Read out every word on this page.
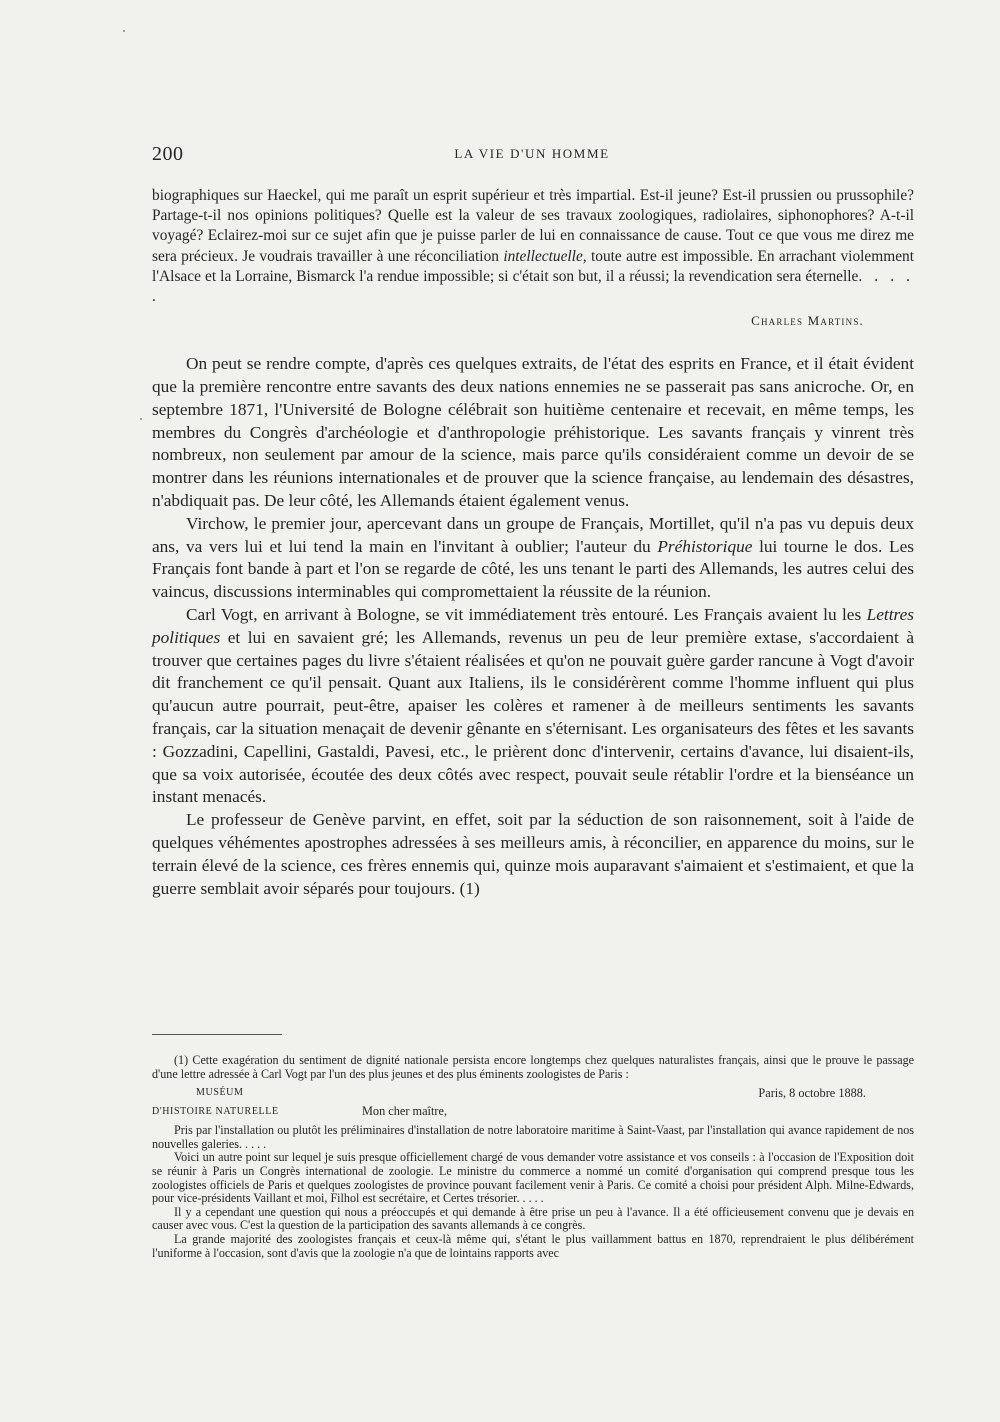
200	LA VIE D'UN HOMME

biographiques sur Haeckel, qui me paraît un esprit supérieur et très impartial. Est-il jeune? Est-il prussien ou prussophile? Partage-t-il nos opinions politiques? Quelle est la valeur de ses travaux zoologiques, radiolaires, siphonophores? A-t-il voyagé? Eclairez-moi sur ce sujet afin que je puisse parler de lui en connaissance de cause. Tout ce que vous me direz me sera précieux. Je voudrais travailler à une réconciliation intellectuelle, toute autre est impossible. En arrachant violemment l'Alsace et la Lorraine, Bismarck l'a rendue impossible; si c'était son but, il a réussi; la revendication sera éternelle. . . . .

Charles Martins.

On peut se rendre compte, d'après ces quelques extraits, de l'état des esprits en France, et il était évident que la première rencontre entre savants des deux nations ennemies ne se passerait pas sans anicroche. Or, en septembre 1871, l'Université de Bologne célébrait son huitième centenaire et recevait, en même temps, les membres du Congrès d'archéologie et d'anthropologie préhistorique. Les savants français y vinrent très nombreux, non seulement par amour de la science, mais parce qu'ils considéraient comme un devoir de se montrer dans les réunions internationales et de prouver que la science française, au lendemain des désastres, n'abdiquait pas. De leur côté, les Allemands étaient également venus.

Virchow, le premier jour, apercevant dans un groupe de Français, Mortillet, qu'il n'a pas vu depuis deux ans, va vers lui et lui tend la main en l'invitant à oublier; l'auteur du Préhistorique lui tourne le dos. Les Français font bande à part et l'on se regarde de côté, les uns tenant le parti des Allemands, les autres celui des vaincus, discussions interminables qui compromettaient la réussite de la réunion.

Carl Vogt, en arrivant à Bologne, se vit immédiatement très entouré. Les Français avaient lu les Lettres politiques et lui en savaient gré; les Allemands, revenus un peu de leur première extase, s'accordaient à trouver que certaines pages du livre s'étaient réalisées et qu'on ne pouvait guère garder rancune à Vogt d'avoir dit franchement ce qu'il pensait. Quant aux Italiens, ils le considérèrent comme l'homme influent qui plus qu'aucun autre pourrait, peut-être, apaiser les colères et ramener à de meilleurs sentiments les savants français, car la situation menaçait de devenir gênante en s'éternisant. Les organisateurs des fêtes et les savants : Gozzadini, Capellini, Gastaldi, Pavesi, etc., le prièrent donc d'intervenir, certains d'avance, lui disaient-ils, que sa voix autorisée, écoutée des deux côtés avec respect, pouvait seule rétablir l'ordre et la bienséance un instant menacés.

Le professeur de Genève parvint, en effet, soit par la séduction de son raisonnement, soit à l'aide de quelques véhémentes apostrophes adressées à ses meilleurs amis, à réconcilier, en apparence du moins, sur le terrain élevé de la science, ces frères ennemis qui, quinze mois auparavant s'aimaient et s'estimaient, et que la guerre semblait avoir séparés pour toujours. (1)

(1) Cette exagération du sentiment de dignité nationale persista encore longtemps chez quelques naturalistes français, ainsi que le prouve le passage d'une lettre adressée à Carl Vogt par l'un des plus jeunes et des plus éminents zoologistes de Paris :

MUSÉUM
D'HISTOIRE NATURELLE
Paris, 8 octobre 1888.
Mon cher maître,

Pris par l'installation ou plutôt les préliminaires d'installation de notre laboratoire maritime à Saint-Vaast, par l'installation qui avance rapidement de nos nouvelles galeries. . . . .

Voici un autre point sur lequel je suis presque officiellement chargé de vous demander votre assistance et vos conseils : à l'occasion de l'Exposition doit se réunir à Paris un Congrès international de zoologie. Le ministre du commerce a nommé un comité d'organisation qui comprend presque tous les zoologistes officiels de Paris et quelques zoologistes de province pouvant facilement venir à Paris. Ce comité a choisi pour président Alph. Milne-Edwards, pour vice-présidents Vaillant et moi, Filhol est secrétaire, et Certes trésorier. . . . .

Il y a cependant une question qui nous a préoccupés et qui demande à être prise un peu à l'avance. Il a été officieusement convenu que je devais en causer avec vous. C'est la question de la participation des savants allemands à ce congrès.

La grande majorité des zoologistes français et ceux-là même qui, s'étant le plus vaillamment battus en 1870, reprendraient le plus délibérément l'uniforme à l'occasion, sont d'avis que la zoologie n'a que de lointains rapports avec
